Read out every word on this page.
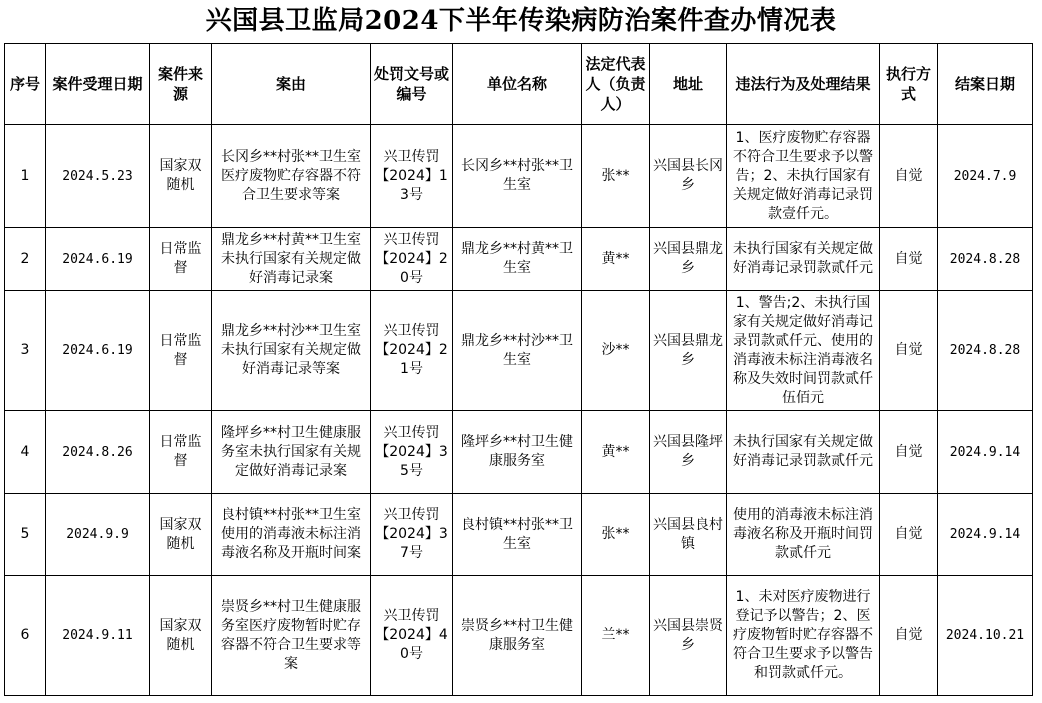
兴国县卫监局2024下半年传染病防治案件查办情况表
序号	案件受理日期	案件来源	案由	处罚文号或编号	单位名称	法定代表人（负责人）	地址	违法行为及处理结果	执行方式	结案日期
1	2024.5.23	国家双随机	长冈乡**村张**卫生室医疗废物贮存容器不符合卫生要求等案	兴卫传罚【2024】13号	长冈乡**村张**卫生室	张**	兴国县长冈乡	1、医疗废物贮存容器不符合卫生要求予以警告；2、未执行国家有关规定做好消毒记录罚款壹仟元。	自觉	2024.7.9
2	2024.6.19	日常监督	鼎龙乡**村黄**卫生室未执行国家有关规定做好消毒记录案	兴卫传罚【2024】20号	鼎龙乡**村黄**卫生室	黄**	兴国县鼎龙乡	未执行国家有关规定做好消毒记录罚款贰仟元	自觉	2024.8.28
3	2024.6.19	日常监督	鼎龙乡**村沙**卫生室未执行国家有关规定做好消毒记录等案	兴卫传罚【2024】21号	鼎龙乡**村沙**卫生室	沙**	兴国县鼎龙乡	1、警告;2、未执行国家有关规定做好消毒记录罚款贰仟元、使用的消毒液未标注消毒液名称及失效时间罚款贰仟伍佰元	自觉	2024.8.28
4	2024.8.26	日常监督	隆坪乡**村卫生健康服务室未执行国家有关规定做好消毒记录案	兴卫传罚【2024】35号	隆坪乡**村卫生健康服务室	黄**	兴国县隆坪乡	未执行国家有关规定做好消毒记录罚款贰仟元	自觉	2024.9.14
5	2024.9.9	国家双随机	良村镇**村张**卫生室使用的消毒液未标注消毒液名称及开瓶时间案	兴卫传罚【2024】37号	良村镇**村张**卫生室	张**	兴国县良村镇	使用的消毒液未标注消毒液名称及开瓶时间罚款贰仟元	自觉	2024.9.14
6	2024.9.11	国家双随机	崇贤乡**村卫生健康服务室医疗废物暂时贮存容器不符合卫生要求等案	兴卫传罚【2024】40号	崇贤乡**村卫生健康服务室	兰**	兴国县崇贤乡	1、未对医疗废物进行登记予以警告；2、医疗废物暂时贮存容器不符合卫生要求予以警告和罚款贰仟元。	自觉	2024.10.21
